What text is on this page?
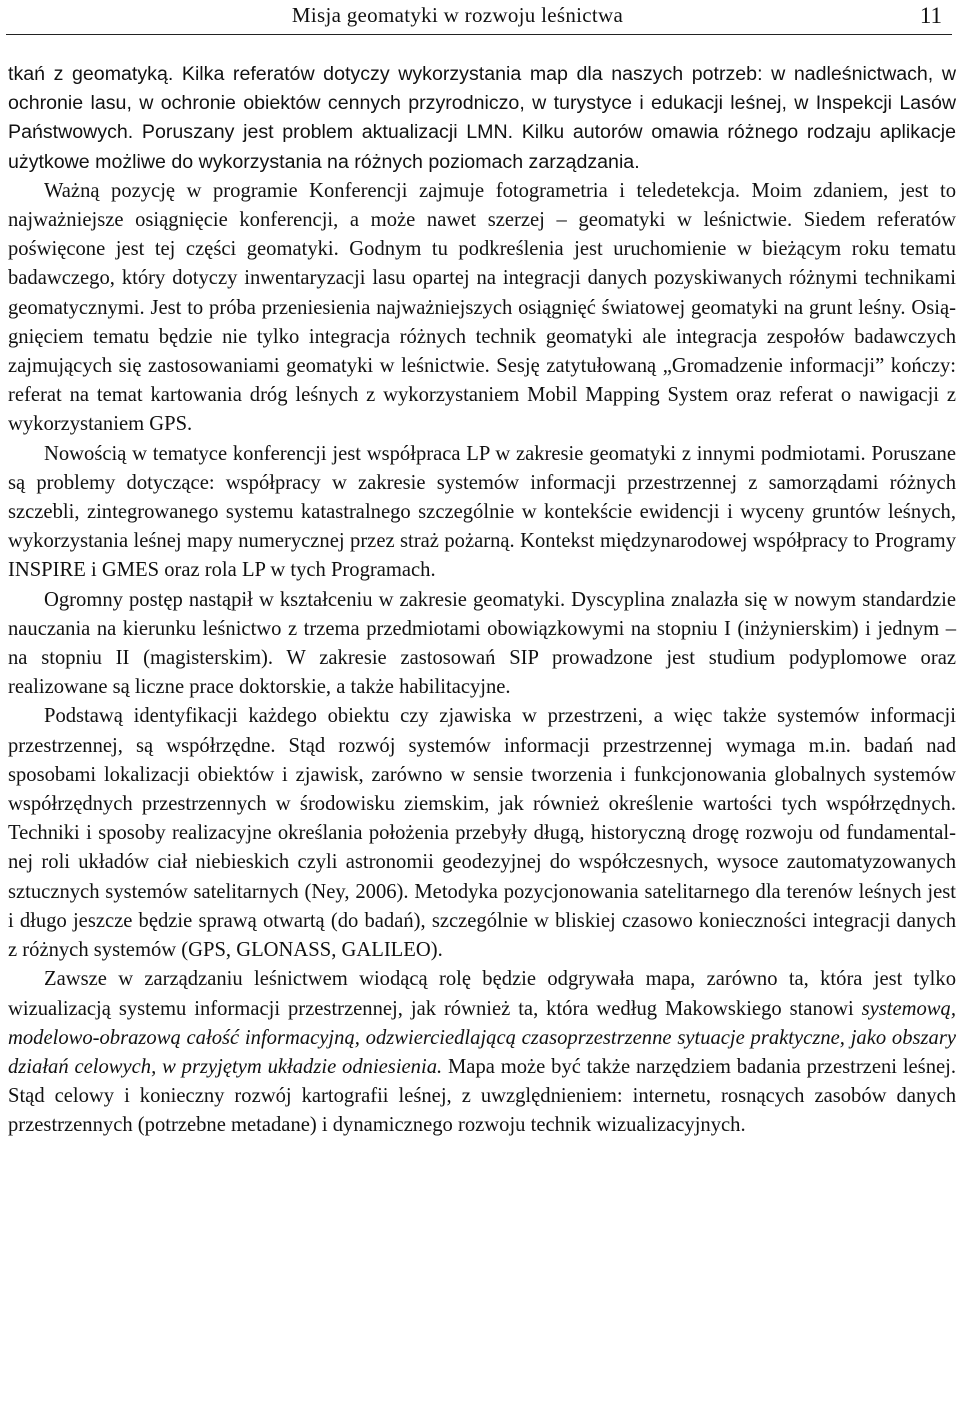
Misja geomatyki w rozwoju leśnictwa	11

tkań z geomatyką. Kilka referatów dotyczy wykorzystania map dla naszych potrzeb: w nadleśnictwach, w ochronie lasu, w ochronie obiektów cennych przyrodniczo, w turystyce i edukacji leśnej, w Inspekcji Lasów Państwowych. Poruszany jest problem aktualizacji LMN. Kilku autorów omawia różnego rodzaju aplikacje użytkowe możliwe do wykorzystania na różnych poziomach zarządzania.

Ważną pozycję w programie Konferencji zajmuje fotogrametria i teledetekcja. Moim zdaniem, jest to najważniejsze osiągnięcie konferencji, a może nawet szerzej – geomatyki w leśnictwie. Siedem referatów poświęcone jest tej części geomatyki. Godnym tu podkreślenia jest uruchomienie w bieżącym roku tematu badawczego, który dotyczy inwentaryzacji lasu opartej na integracji danych pozyskiwanych różnymi technikami geomatycznymi. Jest to próba przeniesienia najważniejszych osiągnięć światowej geomatyki na grunt leśny. Osiągnięciem tematu będzie nie tylko integracja różnych technik geomatyki ale integracja zespołów badawczych zajmujących się zastosowaniami geomatyki w leśnictwie. Sesję zatytułowaną „Gromadzenie informacji” kończy: referat na temat kartowania dróg leśnych z wykorzystaniem Mobil Mapping System oraz referat o nawigacji z wykorzystaniem GPS.

Nowością w tematyce konferencji jest współpraca LP w zakresie geomatyki z innymi podmiotami. Poruszane są problemy dotyczące: współpracy w zakresie systemów informacji przestrzennej z samorządami różnych szczebli, zintegrowanego systemu katastralnego szczególnie w kontekście ewidencji i wyceny gruntów leśnych, wykorzystania leśnej mapy numerycznej przez straż pożarną. Kontekst międzynarodowej współpracy to Programy INSPIRE i GMES oraz rola LP w tych Programach.

Ogromny postęp nastąpił w kształceniu w zakresie geomatyki. Dyscyplina znalazła się w nowym standardzie nauczania na kierunku leśnictwo z trzema przedmiotami obowiązkowymi na stopniu I (inżynierskim) i jednym – na stopniu II (magisterskim). W zakresie zastosowań SIP prowadzone jest studium podyplomowe oraz realizowane są liczne prace doktorskie, a także habilitacyjne.

Podstawą identyfikacji każdego obiektu czy zjawiska w przestrzeni, a więc także systemów informacji przestrzennej, są współrzędne. Stąd rozwój systemów informacji przestrzennej wymaga m.in. badań nad sposobami lokalizacji obiektów i zjawisk, zarówno w sensie tworzenia i funkcjonowania globalnych systemów współrzędnych przestrzennych w środowisku ziemskim, jak również określenie wartości tych współrzędnych. Techniki i sposoby realizacyjne określania położenia przebyły długą, historyczną drogę rozwoju od fundamentalnej roli układów ciał niebieskich czyli astronomii geodezyjnej do współczesnych, wysoce zautomatyzowanych sztucznych systemów satelitarnych (Ney, 2006). Metodyka pozycjonowania satelitarnego dla terenów leśnych jest i długo jeszcze będzie sprawą otwartą (do badań), szczególnie w bliskiej czasowo konieczności integracji danych z różnych systemów (GPS, GLONASS, GALILEO).

Zawsze w zarządzaniu leśnictwem wiodącą rolę będzie odgrywała mapa, zarówno ta, która jest tylko wizualizacją systemu informacji przestrzennej, jak również ta, która według Makowskiego stanowi systemową, modelowo-obrazową całość informacyjną, odzwierciedlającą czasoprzestrzenne sytuacje praktyczne, jako obszary działań celowych, w przyjętym układzie odniesienia. Mapa może być także narzędziem badania przestrzeni leśnej. Stąd celowy i konieczny rozwój kartografii leśnej, z uwzględnieniem: internetu, rosnących zasobów danych przestrzennych (potrzebne metadane) i dynamicznego rozwoju technik wizualizacyjnych.
